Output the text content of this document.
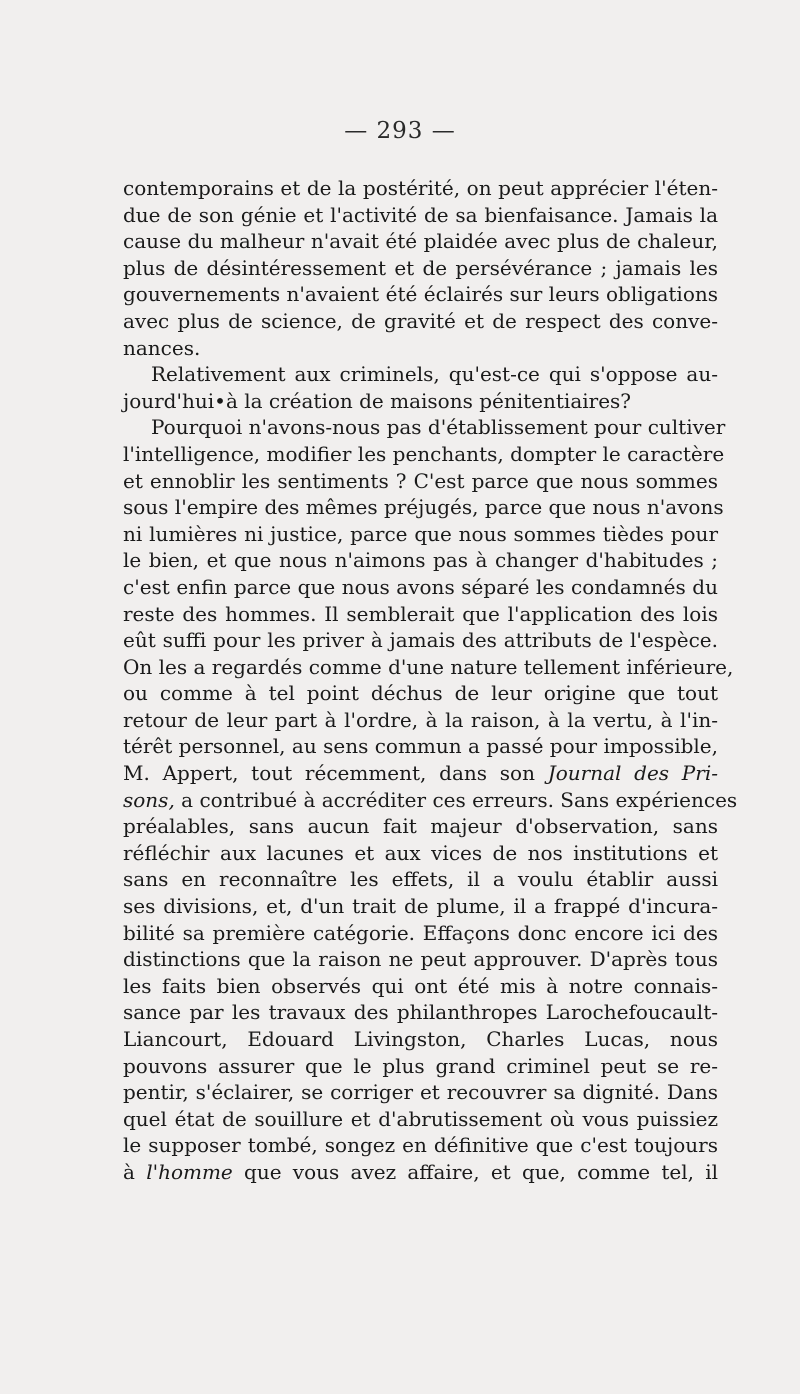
— 293 —
contemporains et de la postérité, on peut apprécier l'éten-
due de son génie et l'activité de sa bienfaisance. Jamais la
cause du malheur n'avait été plaidée avec plus de chaleur,
plus de désintéressement et de persévérance ; jamais les
gouvernements n'avaient été éclairés sur leurs obligations
avec plus de science, de gravité et de respect des conve-
nances.
Relativement aux criminels, qu'est-ce qui s'oppose au-
jourd'hui•à la création de maisons pénitentiaires?
Pourquoi n'avons-nous pas d'établissement pour cultiver
l'intelligence, modifier les penchants, dompter le caractère
et ennoblir les sentiments ? C'est parce que nous sommes
sous l'empire des mêmes préjugés, parce que nous n'avons
ni lumières ni justice, parce que nous sommes tièdes pour
le bien, et que nous n'aimons pas à changer d'habitudes ;
c'est enfin parce que nous avons séparé les condamnés du
reste des hommes. Il semblerait que l'application des lois
eût suffi pour les priver à jamais des attributs de l'espèce.
On les a regardés comme d'une nature tellement inférieure,
ou comme à tel point déchus de leur origine que tout
retour de leur part à l'ordre, à la raison, à la vertu, à l'in-
térêt personnel, au sens commun a passé pour impossible,
M. Appert, tout récemment, dans son Journal des Pri-
sons, a contribué à accréditer ces erreurs. Sans expériences
préalables, sans aucun fait majeur d'observation, sans
réfléchir aux lacunes et aux vices de nos institutions et
sans en reconnaître les effets, il a voulu établir aussi
ses divisions, et, d'un trait de plume, il a frappé d'incura-
bilité sa première catégorie. Effaçons donc encore ici des
distinctions que la raison ne peut approuver. D'après tous
les faits bien observés qui ont été mis à notre connais-
sance par les travaux des philanthropes Larochefoucault-
Liancourt, Edouard Livingston, Charles Lucas, nous
pouvons assurer que le plus grand criminel peut se re-
pentir, s'éclairer, se corriger et recouvrer sa dignité. Dans
quel état de souillure et d'abrutissement où vous puissiez
le supposer tombé, songez en définitive que c'est toujours
à l'homme que vous avez affaire, et que, comme tel, il
